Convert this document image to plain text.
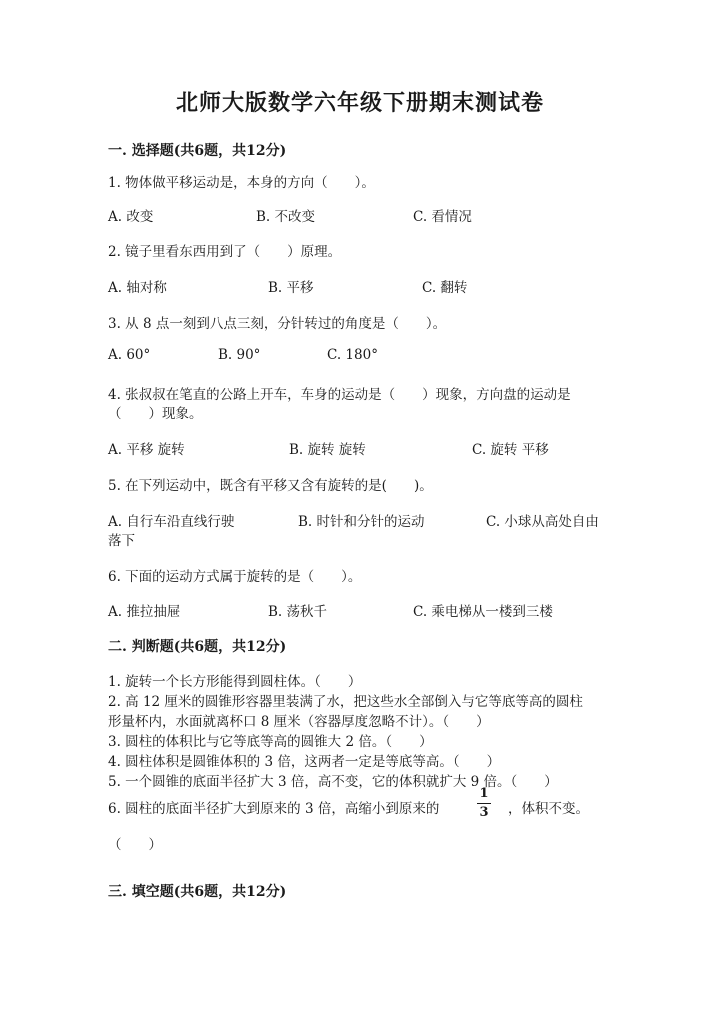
北师大版数学六年级下册期末测试卷
一. 选择题(共6题，共12分)
1. 物体做平移运动是，本身的方向（　　）。
A. 改变	B. 不改变	C. 看情况
2. 镜子里看东西用到了（　　）原理。
A. 轴对称	B. 平移	C. 翻转
3. 从 8 点一刻到八点三刻，分针转过的角度是（　　）。
A. 60°	B. 90°	C. 180°
4. 张叔叔在笔直的公路上开车，车身的运动是（　　）现象，方向盘的运动是
（　　）现象。
A. 平移 旋转	B. 旋转 旋转	C. 旋转 平移
5. 在下列运动中，既含有平移又含有旋转的是(　　)。
A. 自行车沿直线行驶	B. 时针和分针的运动	C. 小球从高处自由
落下
6. 下面的运动方式属于旋转的是（　　）。
A. 推拉抽屉	B. 荡秋千	C. 乘电梯从一楼到三楼
二. 判断题(共6题，共12分)
1. 旋转一个长方形能得到圆柱体。（　　）
2. 高 12 厘米的圆锥形容器里装满了水，把这些水全部倒入与它等底等高的圆柱
形量杯内，水面就离杯口 8 厘米（容器厚度忽略不计）。（　　）
3. 圆柱的体积比与它等底等高的圆锥大 2 倍。（　　）
4. 圆柱体积是圆锥体积的 3 倍，这两者一定是等底等高。（　　）
5. 一个圆锥的底面半径扩大 3 倍，高不变，它的体积就扩大 9 倍。（　　）
6. 圆柱的底面半径扩大到原来的 3 倍，高缩小到原来的
1
3	，体积不变。
（　　）
三. 填空题(共6题，共12分)
